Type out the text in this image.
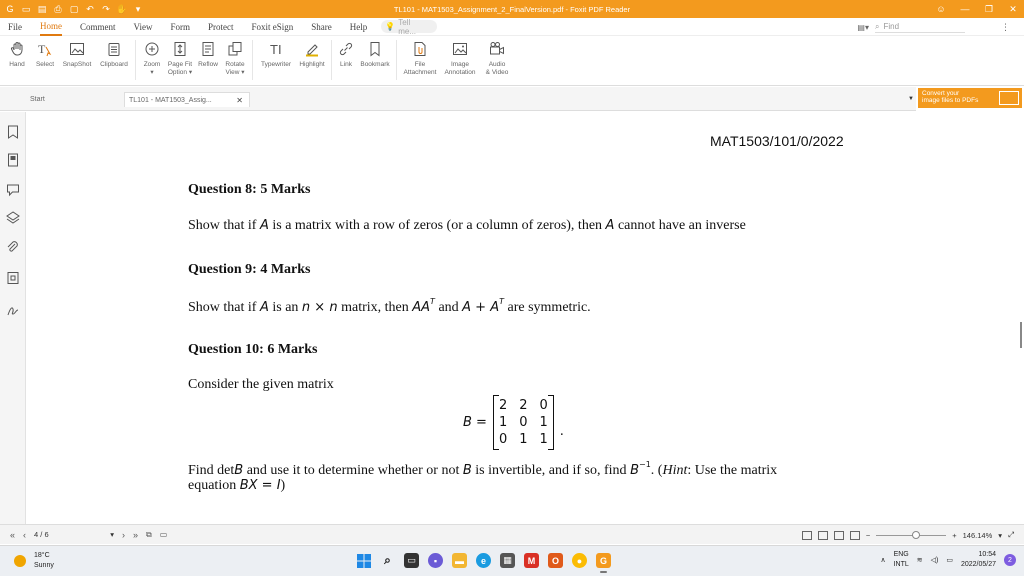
G ▭ ▤ ⎙ ▢ ↶ ↷ ✋ ▾	TL101 - MAT1503_Assignment_2_FinalVersion.pdf - Foxit PDF Reader	☺ —	❐	✕
File Home Comment View Form Protect Foxit eSign Share Help 💡 Tell me...	▤▾ ⌕ Find	⋮
Hand
T
Select SnapShot Clipboard Zoom
▾
Page Fit
Option ▾
Reflow Rotate
View ▾
TI
Typewriter Highlight Link Bookmark	File
Attachment
Image
Annotation
Audio
& Video
Start	TL101 - MAT1503_Assig...	✕	▼
Convert your
image files to PDFs
MAT1503/101/0/2022
Question 8: 5 Marks
Show that if A is a matrix with a row of zeros (or a column of zeros), then A cannot have an inverse
Question 9: 4 Marks
Show that if A is an n × n matrix, then $AA^T$ and $A + A^T$ are symmetric.
Question 10: 6 Marks
Consider the given matrix
B =
2 2 0
1 0 1
0 1 1
.
Find detB and use it to determine whether or not B is invertible, and if so, find $B^{-1}$. (Hint: Use the matrix
equation BX = I)
« ‹ 4 / 6	▾ › » ⧉ ▭	−	+ 146.14% ▾ ⤢
18°C
Sunny	⌕	▭	▪	▬	e	▦	M	O	●	G	∧
ENG
INTL
≋ ◁) ▭
10:54
2022/05/27
2
